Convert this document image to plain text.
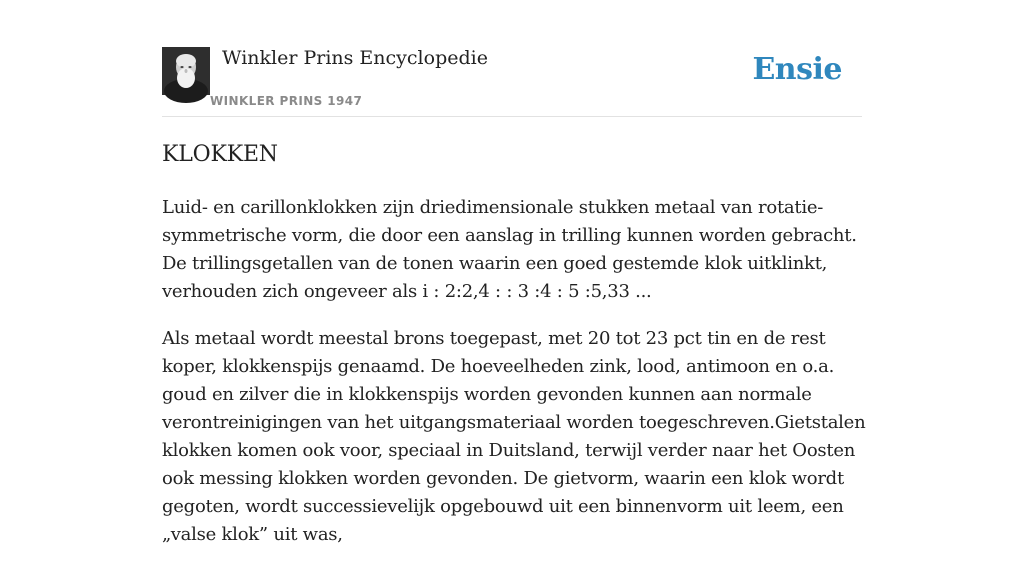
Winkler Prins Encyclopedie
WINKLER PRINS 1947
Ensie
KLOKKEN

Luid- en carillonklokken zijn driedimensionale stukken metaal van rotatie-symmetrische vorm, die door een aanslag in trilling kunnen worden gebracht. De trillingsgetallen van de tonen waarin een goed gestemde klok uitklinkt, verhouden zich ongeveer als i : 2:2,4 : : 3 :4 : 5 :5,33 ...

Als metaal wordt meestal brons toegepast, met 20 tot 23 pct tin en de rest koper, klokkenspijs genaamd. De hoeveelheden zink, lood, antimoon en o.a. goud en zilver die in klokkenspijs worden gevonden kunnen aan normale verontreinigingen van het uitgangsmateriaal worden toegeschreven.Gietstalen klokken komen ook voor, speciaal in Duitsland, terwijl verder naar het Oosten ook messing klokken worden gevonden. De gietvorm, waarin een klok wordt gegoten, wordt successievelijk opgebouwd uit een binnenvorm uit leem, een „valse klok” uit was,
